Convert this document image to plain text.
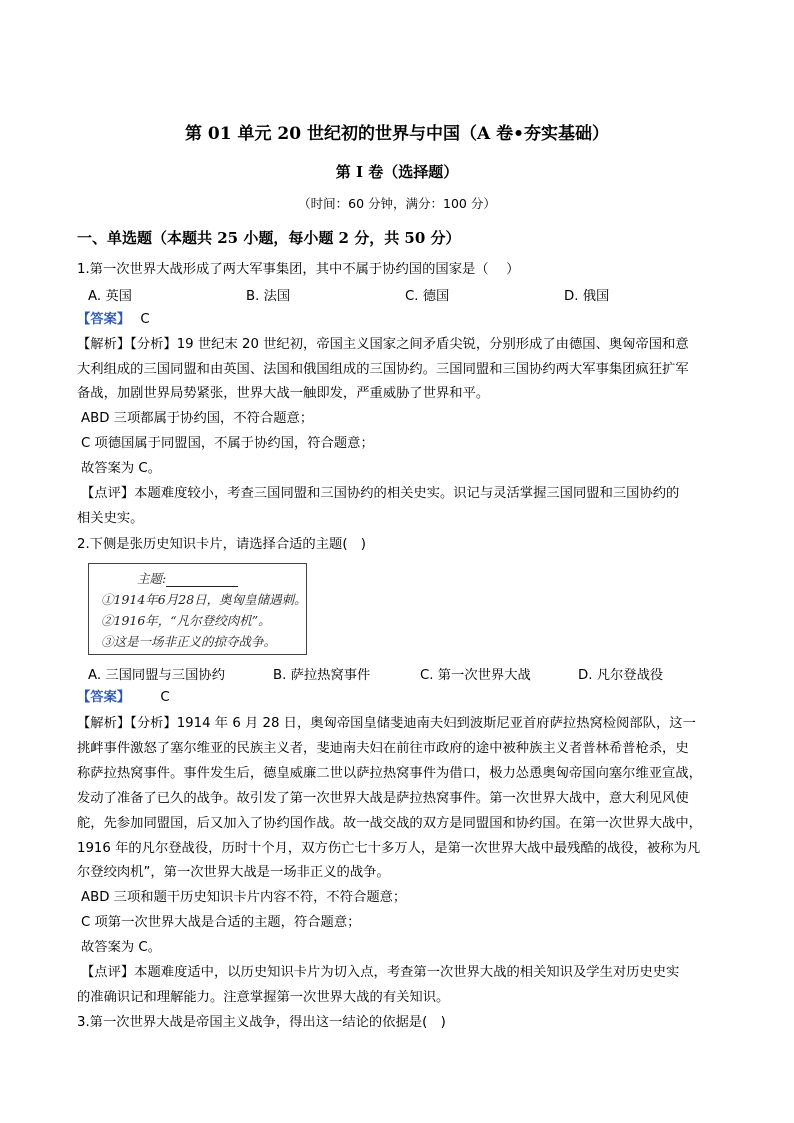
第 01 单元 20 世纪初的世界与中国（A 卷•夯实基础）
第 I 卷（选择题）
（时间：60 分钟，满分：100 分）
一、单选题（本题共 25 小题，每小题 2 分，共 50 分）
1.第一次世界大战形成了两大军事集团，其中不属于协约国的国家是（　 ）
A. 英国	B. 法国	C. 德国	D. 俄国
【答案】 C
【解析】【分析】19 世纪末 20 世纪初，帝国主义国家之间矛盾尖锐，分别形成了由德国、奥匈帝国和意
大利组成的三国同盟和由英国、法国和俄国组成的三国协约。三国同盟和三国协约两大军事集团疯狂扩军
备战，加剧世界局势紧张，世界大战一触即发，严重威胁了世界和平。
ABD 三项都属于协约国，不符合题意；
C 项德国属于同盟国，不属于协约国，符合题意；
故答案为 C。
【点评】本题难度较小，考查三国同盟和三国协约的相关史实。识记与灵活掌握三国同盟和三国协约的
相关史实。
2.下侧是张历史知识卡片，请选择合适的主题(　)
主题:
①1914年6月28日，奥匈皇储遇刺。
②1916年，“凡尔登绞肉机”。
③这是一场非正义的掠夺战争。
A. 三国同盟与三国协约	B. 萨拉热窝事件	C. 第一次世界大战	D. 凡尔登战役
【答案】 C
【解析】【分析】1914 年 6 月 28 日，奥匈帝国皇储斐迪南夫妇到波斯尼亚首府萨拉热窝检阅部队，这一
挑衅事件激怒了塞尔维亚的民族主义者，斐迪南夫妇在前往市政府的途中被种族主义者普林希普枪杀，史
称萨拉热窝事件。事件发生后，德皇威廉二世以萨拉热窝事件为借口，极力怂恿奥匈帝国向塞尔维亚宣战，
发动了准备了已久的战争。故引发了第一次世界大战是萨拉热窝事件。第一次世界大战中，意大利见风使
舵，先参加同盟国，后又加入了协约国作战。故一战交战的双方是同盟国和协约国。在第一次世界大战中，
1916 年的凡尔登战役，历时十个月，双方伤亡七十多万人，是第一次世界大战中最残酷的战役，被称为凡
尔登绞肉机”，第一次世界大战是一场非正义的战争。
ABD 三项和题干历史知识卡片内容不符，不符合题意；
C 项第一次世界大战是合适的主题，符合题意；
故答案为 C。
【点评】本题难度适中，以历史知识卡片为切入点，考查第一次世界大战的相关知识及学生对历史史实
的准确识记和理解能力。注意掌握第一次世界大战的有关知识。
3.第一次世界大战是帝国主义战争，得出这一结论的依据是(　)
